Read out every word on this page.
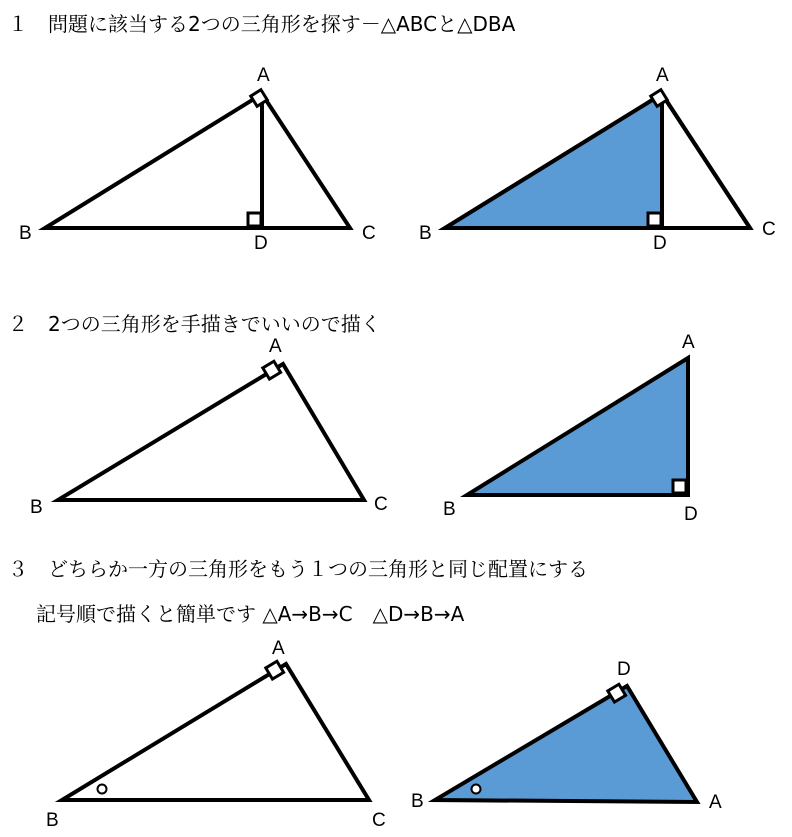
１　問題に該当する2つの三角形を探す－△ABCと△DBA
２　2つの三角形を手描きでいいので描く
３　どちらか一方の三角形をもう１つの三角形と同じ配置にする
記号順で描くと簡単です △A→B→C　△D→B→A
A
B	C
D
A
B	C
D
A
B	C
A
B	D
A
B	C
D
B	A
